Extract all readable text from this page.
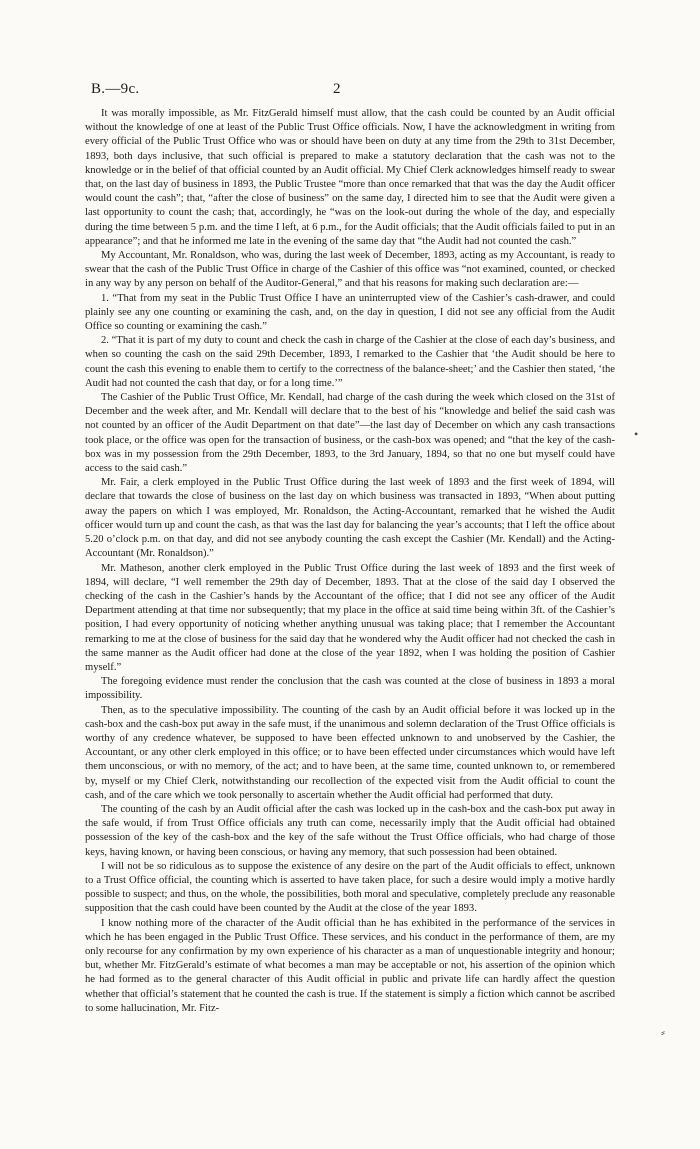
B.—9c.	2
•
⸗

It was morally impossible, as Mr. FitzGerald himself must allow, that the cash could be counted by an Audit official without the knowledge of one at least of the Public Trust Office officials. Now, I have the acknowledgment in writing from every official of the Public Trust Office who was or should have been on duty at any time from the 29th to 31st December, 1893, both days inclusive, that such official is prepared to make a statutory declaration that the cash was not to the knowledge or in the belief of that official counted by an Audit official. My Chief Clerk acknowledges himself ready to swear that, on the last day of business in 1893, the Public Trustee “more than once remarked that that was the day the Audit officer would count the cash”; that, “after the close of business” on the same day, I directed him to see that the Audit were given a last opportunity to count the cash; that, accordingly, he “was on the look-out during the whole of the day, and especially during the time between 5 p.m. and the time I left, at 6 p.m., for the Audit officials; that the Audit officials failed to put in an appearance”; and that he informed me late in the evening of the same day that “the Audit had not counted the cash.”

My Accountant, Mr. Ronaldson, who was, during the last week of December, 1893, acting as my Accountant, is ready to swear that the cash of the Public Trust Office in charge of the Cashier of this office was “not examined, counted, or checked in any way by any person on behalf of the Auditor-General,” and that his reasons for making such declaration are:—

1. “That from my seat in the Public Trust Office I have an uninterrupted view of the Cashier’s cash-drawer, and could plainly see any one counting or examining the cash, and, on the day in question, I did not see any official from the Audit Office so counting or examining the cash.”

2. “That it is part of my duty to count and check the cash in charge of the Cashier at the close of each day’s business, and when so counting the cash on the said 29th December, 1893, I remarked to the Cashier that ‘the Audit should be here to count the cash this evening to enable them to certify to the correctness of the balance-sheet;’ and the Cashier then stated, ‘the Audit had not counted the cash that day, or for a long time.’”

The Cashier of the Public Trust Office, Mr. Kendall, had charge of the cash during the week which closed on the 31st of December and the week after, and Mr. Kendall will declare that to the best of his “knowledge and belief the said cash was not counted by an officer of the Audit Department on that date”—the last day of December on which any cash transactions took place, or the office was open for the transaction of business, or the cash-box was opened; and “that the key of the cash-box was in my possession from the 29th December, 1893, to the 3rd January, 1894, so that no one but myself could have access to the said cash.”

Mr. Fair, a clerk employed in the Public Trust Office during the last week of 1893 and the first week of 1894, will declare that towards the close of business on the last day on which business was transacted in 1893, “When about putting away the papers on which I was employed, Mr. Ronaldson, the Acting-Accountant, remarked that he wished the Audit officer would turn up and count the cash, as that was the last day for balancing the year’s accounts; that I left the office about 5.20 o’clock p.m. on that day, and did not see anybody counting the cash except the Cashier (Mr. Kendall) and the Acting-Accountant (Mr. Ronaldson).”

Mr. Matheson, another clerk employed in the Public Trust Office during the last week of 1893 and the first week of 1894, will declare, “I well remember the 29th day of December, 1893. That at the close of the said day I observed the checking of the cash in the Cashier’s hands by the Accountant of the office; that I did not see any officer of the Audit Department attending at that time nor subsequently; that my place in the office at said time being within 3ft. of the Cashier’s position, I had every opportunity of noticing whether anything unusual was taking place; that I remember the Accountant remarking to me at the close of business for the said day that he wondered why the Audit officer had not checked the cash in the same manner as the Audit officer had done at the close of the year 1892, when I was holding the position of Cashier myself.”

The foregoing evidence must render the conclusion that the cash was counted at the close of business in 1893 a moral impossibility.

Then, as to the speculative impossibility. The counting of the cash by an Audit official before it was locked up in the cash-box and the cash-box put away in the safe must, if the unanimous and solemn declaration of the Trust Office officials is worthy of any credence whatever, be supposed to have been effected unknown to and unobserved by the Cashier, the Accountant, or any other clerk employed in this office; or to have been effected under circumstances which would have left them unconscious, or with no memory, of the act; and to have been, at the same time, counted unknown to, or remembered by, myself or my Chief Clerk, notwithstanding our recollection of the expected visit from the Audit official to count the cash, and of the care which we took personally to ascertain whether the Audit official had performed that duty.

The counting of the cash by an Audit official after the cash was locked up in the cash-box and the cash-box put away in the safe would, if from Trust Office officials any truth can come, necessarily imply that the Audit official had obtained possession of the key of the cash-box and the key of the safe without the Trust Office officials, who had charge of those keys, having known, or having been conscious, or having any memory, that such possession had been obtained.

I will not be so ridiculous as to suppose the existence of any desire on the part of the Audit officials to effect, unknown to a Trust Office official, the counting which is asserted to have taken place, for such a desire would imply a motive hardly possible to suspect; and thus, on the whole, the possibilities, both moral and speculative, completely preclude any reasonable supposition that the cash could have been counted by the Audit at the close of the year 1893.

I know nothing more of the character of the Audit official than he has exhibited in the performance of the services in which he has been engaged in the Public Trust Office. These services, and his conduct in the performance of them, are my only recourse for any confirmation by my own experience of his character as a man of unquestionable integrity and honour; but, whether Mr. FitzGerald’s estimate of what becomes a man may be acceptable or not, his assertion of the opinion which he had formed as to the general character of this Audit official in public and private life can hardly affect the question whether that official’s statement that he counted the cash is true. If the statement is simply a fiction which cannot be ascribed to some hallucination, Mr. Fitz-
